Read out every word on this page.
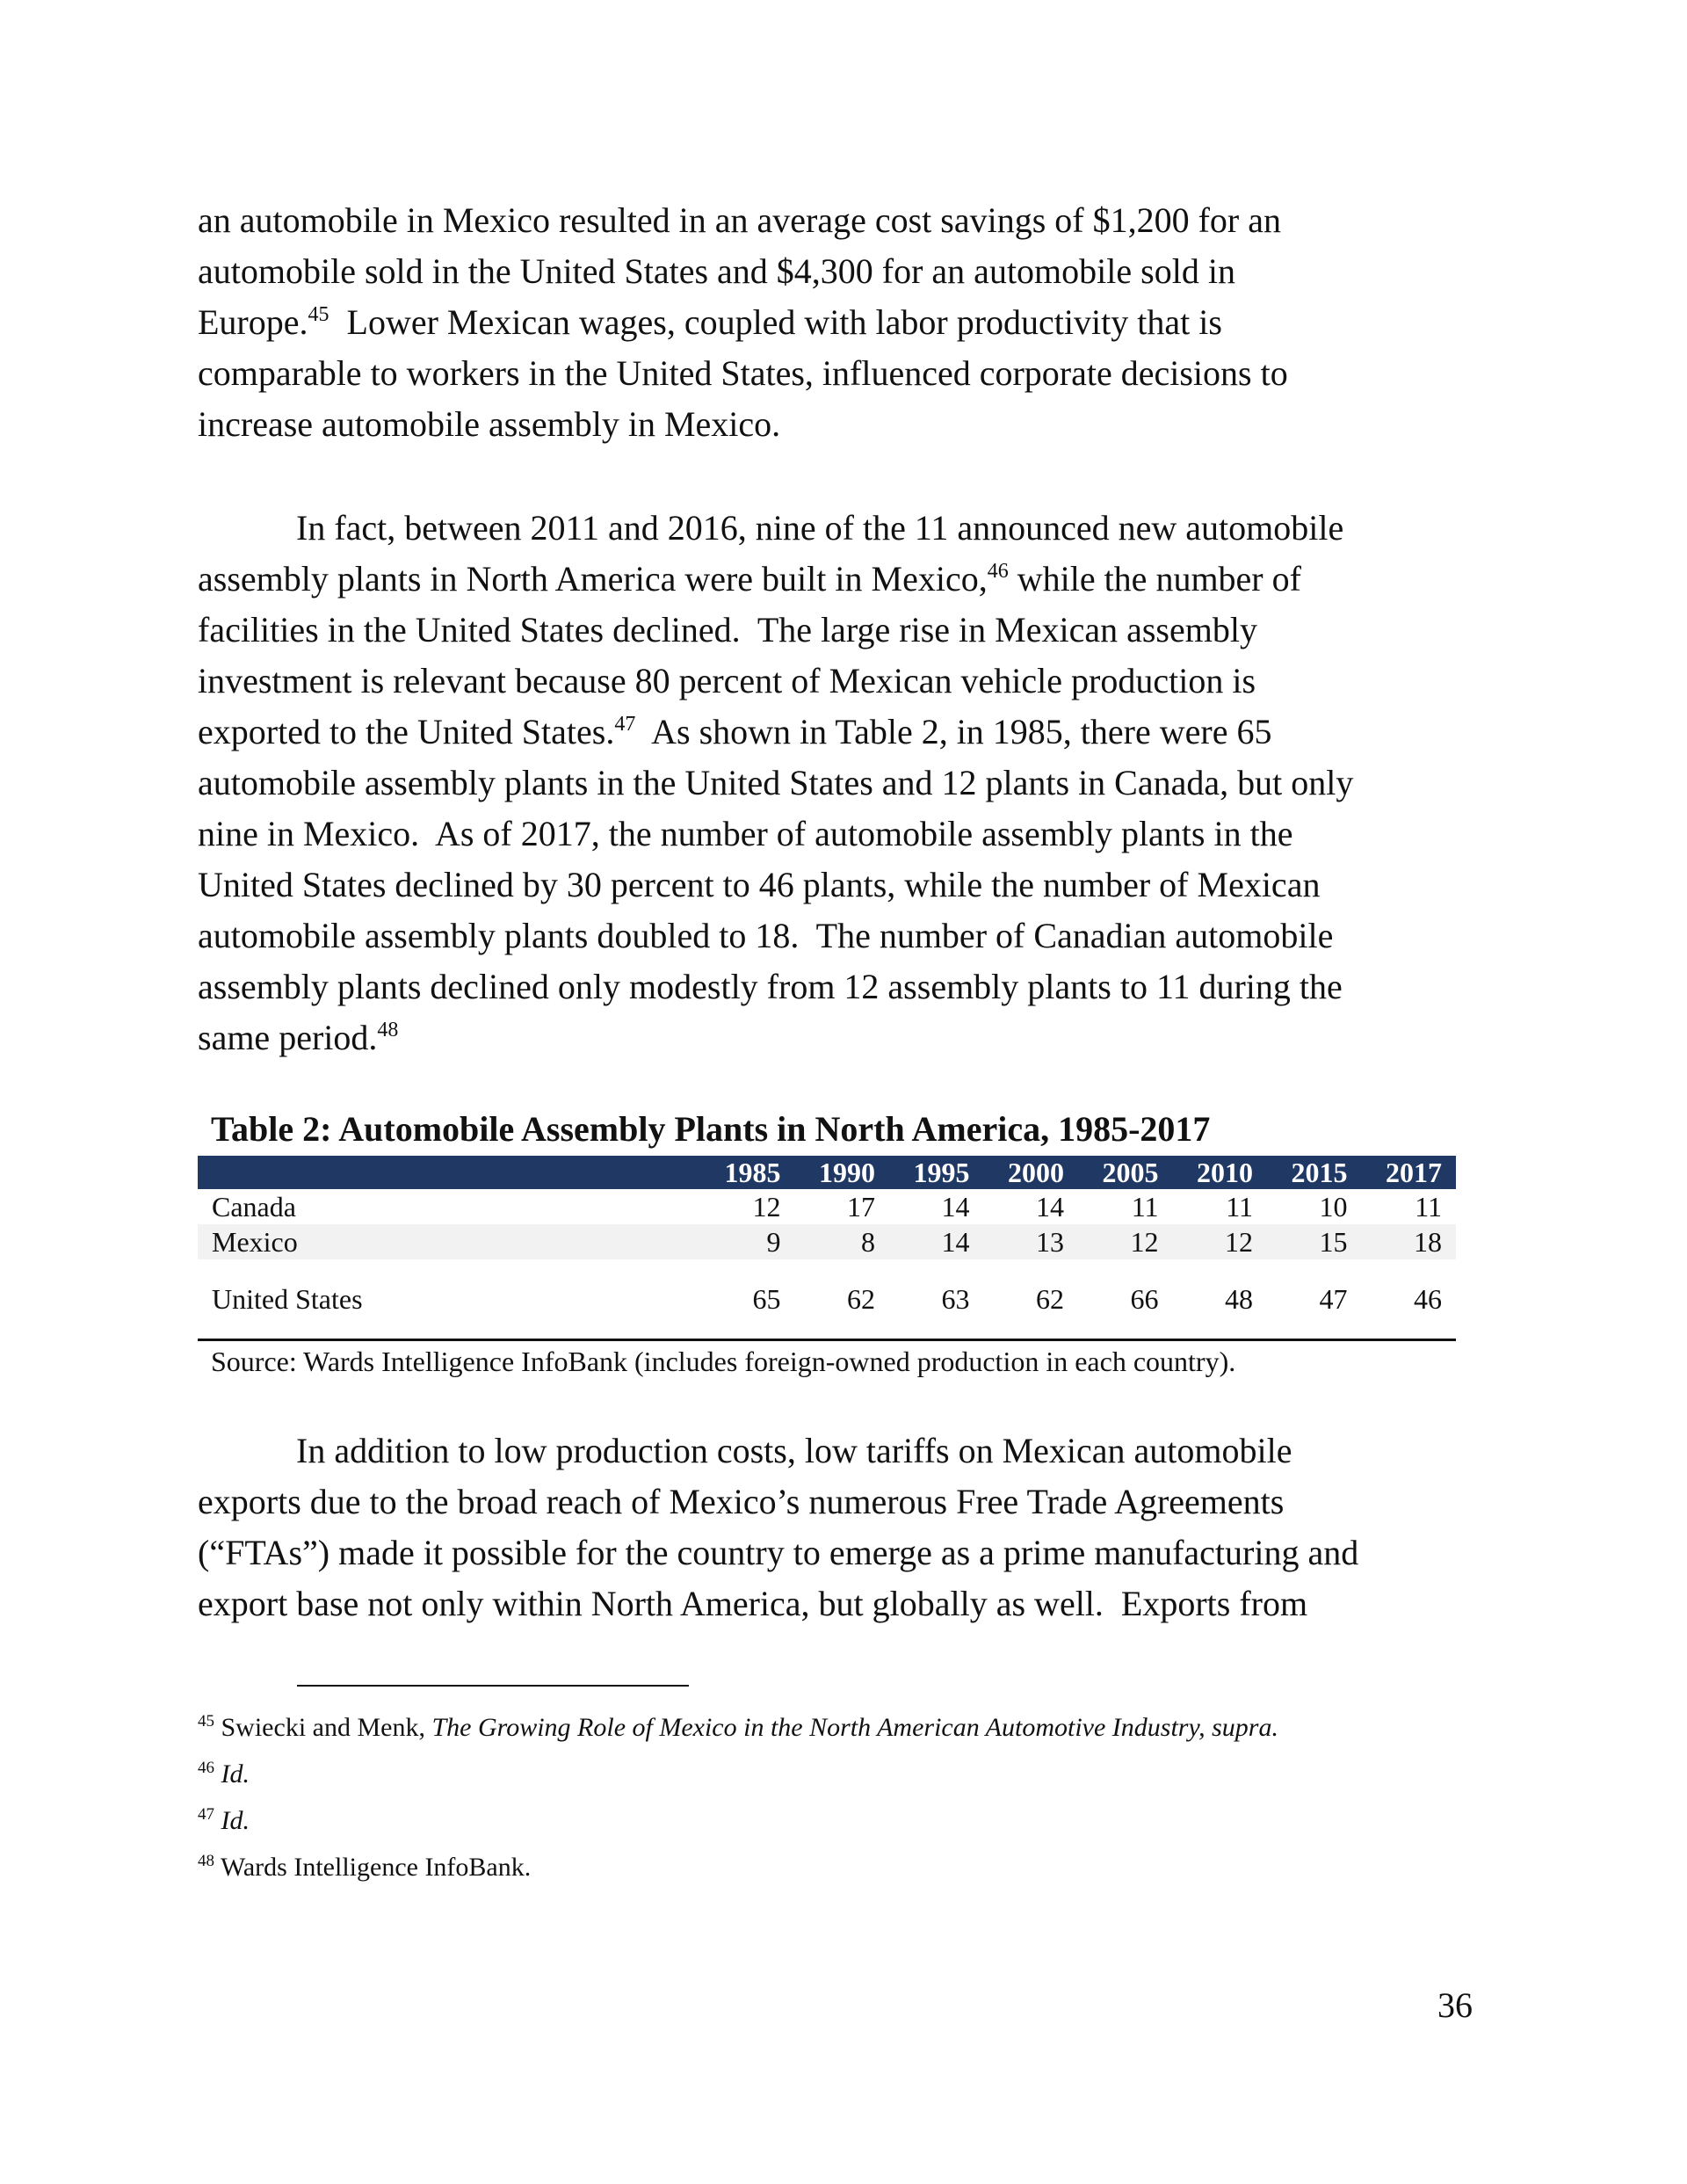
an automobile in Mexico resulted in an average cost savings of $1,200 for an
automobile sold in the United States and $4,300 for an automobile sold in
Europe.$^{45}$  Lower Mexican wages, coupled with labor productivity that is
comparable to workers in the United States, influenced corporate decisions to
increase automobile assembly in Mexico.

In fact, between 2011 and 2016, nine of the 11 announced new automobile
assembly plants in North America were built in Mexico,$^{46}$ while the number of
facilities in the United States declined.  The large rise in Mexican assembly
investment is relevant because 80 percent of Mexican vehicle production is
exported to the United States.$^{47}$  As shown in Table 2, in 1985, there were 65
automobile assembly plants in the United States and 12 plants in Canada, but only
nine in Mexico.  As of 2017, the number of automobile assembly plants in the
United States declined by 30 percent to 46 plants, while the number of Mexican
automobile assembly plants doubled to 18.  The number of Canadian automobile
assembly plants declined only modestly from 12 assembly plants to 11 during the
same period.$^{48}$

Table 2: Automobile Assembly Plants in North America, 1985-2017

	1985	1990	1995	2000	2005	2010	2015	2017
Canada	12	17	14	14	11	11	10	11
Mexico	9	8	14	13	12	12	15	18
United States	65	62	63	62	66	48	47	46

Source: Wards Intelligence InfoBank (includes foreign-owned production in each country).

In addition to low production costs, low tariffs on Mexican automobile
exports due to the broad reach of Mexico’s numerous Free Trade Agreements
(“FTAs”) made it possible for the country to emerge as a prime manufacturing and
export base not only within North America, but globally as well.  Exports from

$^{45}$ Swiecki and Menk, The Growing Role of Mexico in the North American Automotive Industry, supra.

$^{46}$ Id.

$^{47}$ Id.

$^{48}$ Wards Intelligence InfoBank.

36
